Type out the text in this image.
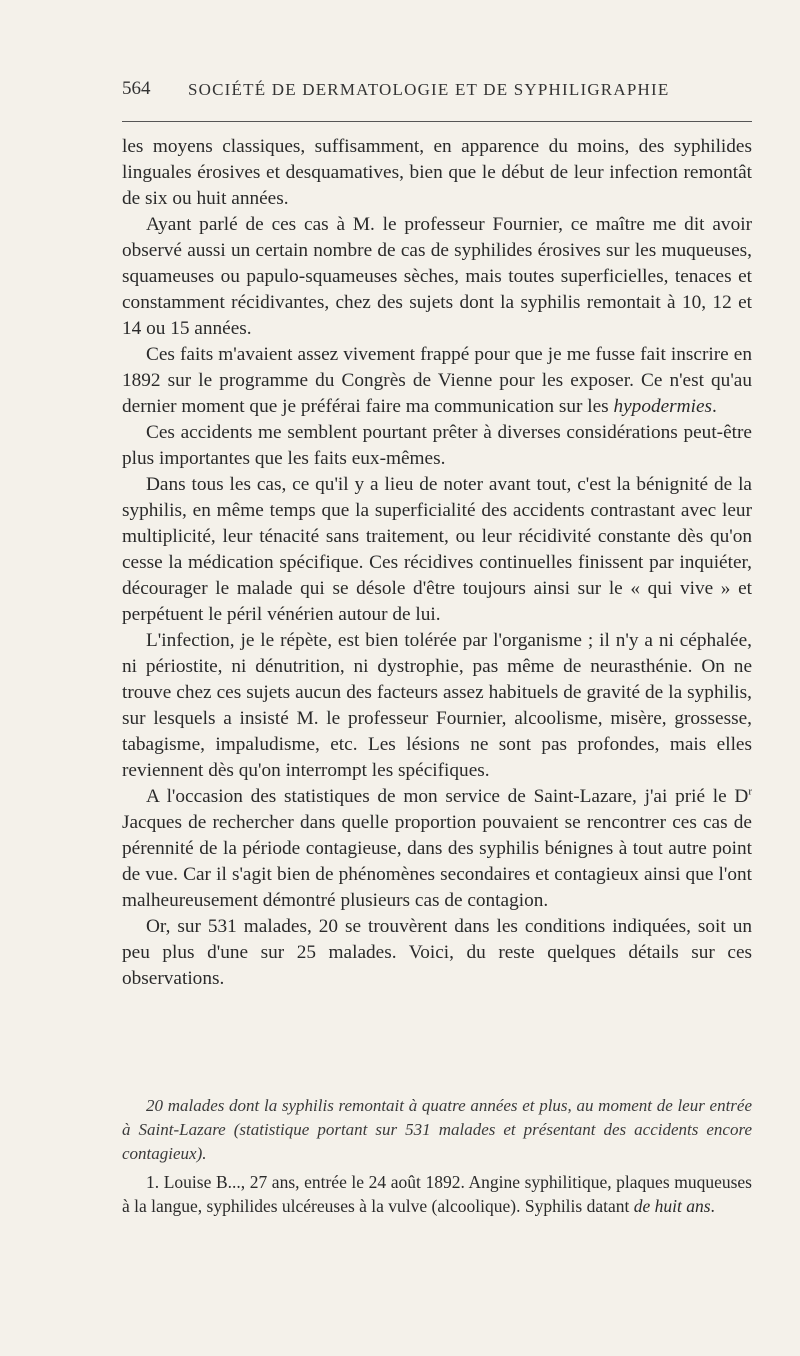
564 SOCIÉTÉ DE DERMATOLOGIE ET DE SYPHILIGRAPHIE

les moyens classiques, suffisamment, en apparence du moins, des syphilides linguales érosives et desquamatives, bien que le début de leur infection remontât de six ou huit années.

Ayant parlé de ces cas à M. le professeur Fournier, ce maître me dit avoir observé aussi un certain nombre de cas de syphilides érosives sur les muqueuses, squameuses ou papulo-squameuses sèches, mais toutes superficielles, tenaces et constamment récidivantes, chez des sujets dont la syphilis remontait à 10, 12 et 14 ou 15 années.

Ces faits m'avaient assez vivement frappé pour que je me fusse fait inscrire en 1892 sur le programme du Congrès de Vienne pour les exposer. Ce n'est qu'au dernier moment que je préférai faire ma communication sur les hypodermies.

Ces accidents me semblent pourtant prêter à diverses considérations peut-être plus importantes que les faits eux-mêmes.

Dans tous les cas, ce qu'il y a lieu de noter avant tout, c'est la bénignité de la syphilis, en même temps que la superficialité des accidents contrastant avec leur multiplicité, leur ténacité sans traitement, ou leur récidivité constante dès qu'on cesse la médication spécifique. Ces récidives continuelles finissent par inquiéter, décourager le malade qui se désole d'être toujours ainsi sur le « qui vive » et perpétuent le péril vénérien autour de lui.

L'infection, je le répète, est bien tolérée par l'organisme ; il n'y a ni céphalée, ni périostite, ni dénutrition, ni dystrophie, pas même de neurasthénie. On ne trouve chez ces sujets aucun des facteurs assez habituels de gravité de la syphilis, sur lesquels a insisté M. le professeur Fournier, alcoolisme, misère, grossesse, tabagisme, impaludisme, etc. Les lésions ne sont pas profondes, mais elles reviennent dès qu'on interrompt les spécifiques.

A l'occasion des statistiques de mon service de Saint-Lazare, j'ai prié le $D^r$ Jacques de rechercher dans quelle proportion pouvaient se rencontrer ces cas de pérennité de la période contagieuse, dans des syphilis bénignes à tout autre point de vue. Car il s'agit bien de phénomènes secondaires et contagieux ainsi que l'ont malheureusement démontré plusieurs cas de contagion.

Or, sur 531 malades, 20 se trouvèrent dans les conditions indiquées, soit un peu plus d'une sur 25 malades. Voici, du reste quelques détails sur ces observations.

20 malades dont la syphilis remontait à quatre années et plus, au moment de leur entrée à Saint-Lazare (statistique portant sur 531 malades et présentant des accidents encore contagieux).

1. Louise B..., 27 ans, entrée le 24 août 1892. Angine syphilitique, plaques muqueuses à la langue, syphilides ulcéreuses à la vulve (alcoolique). Syphilis datant de huit ans.
